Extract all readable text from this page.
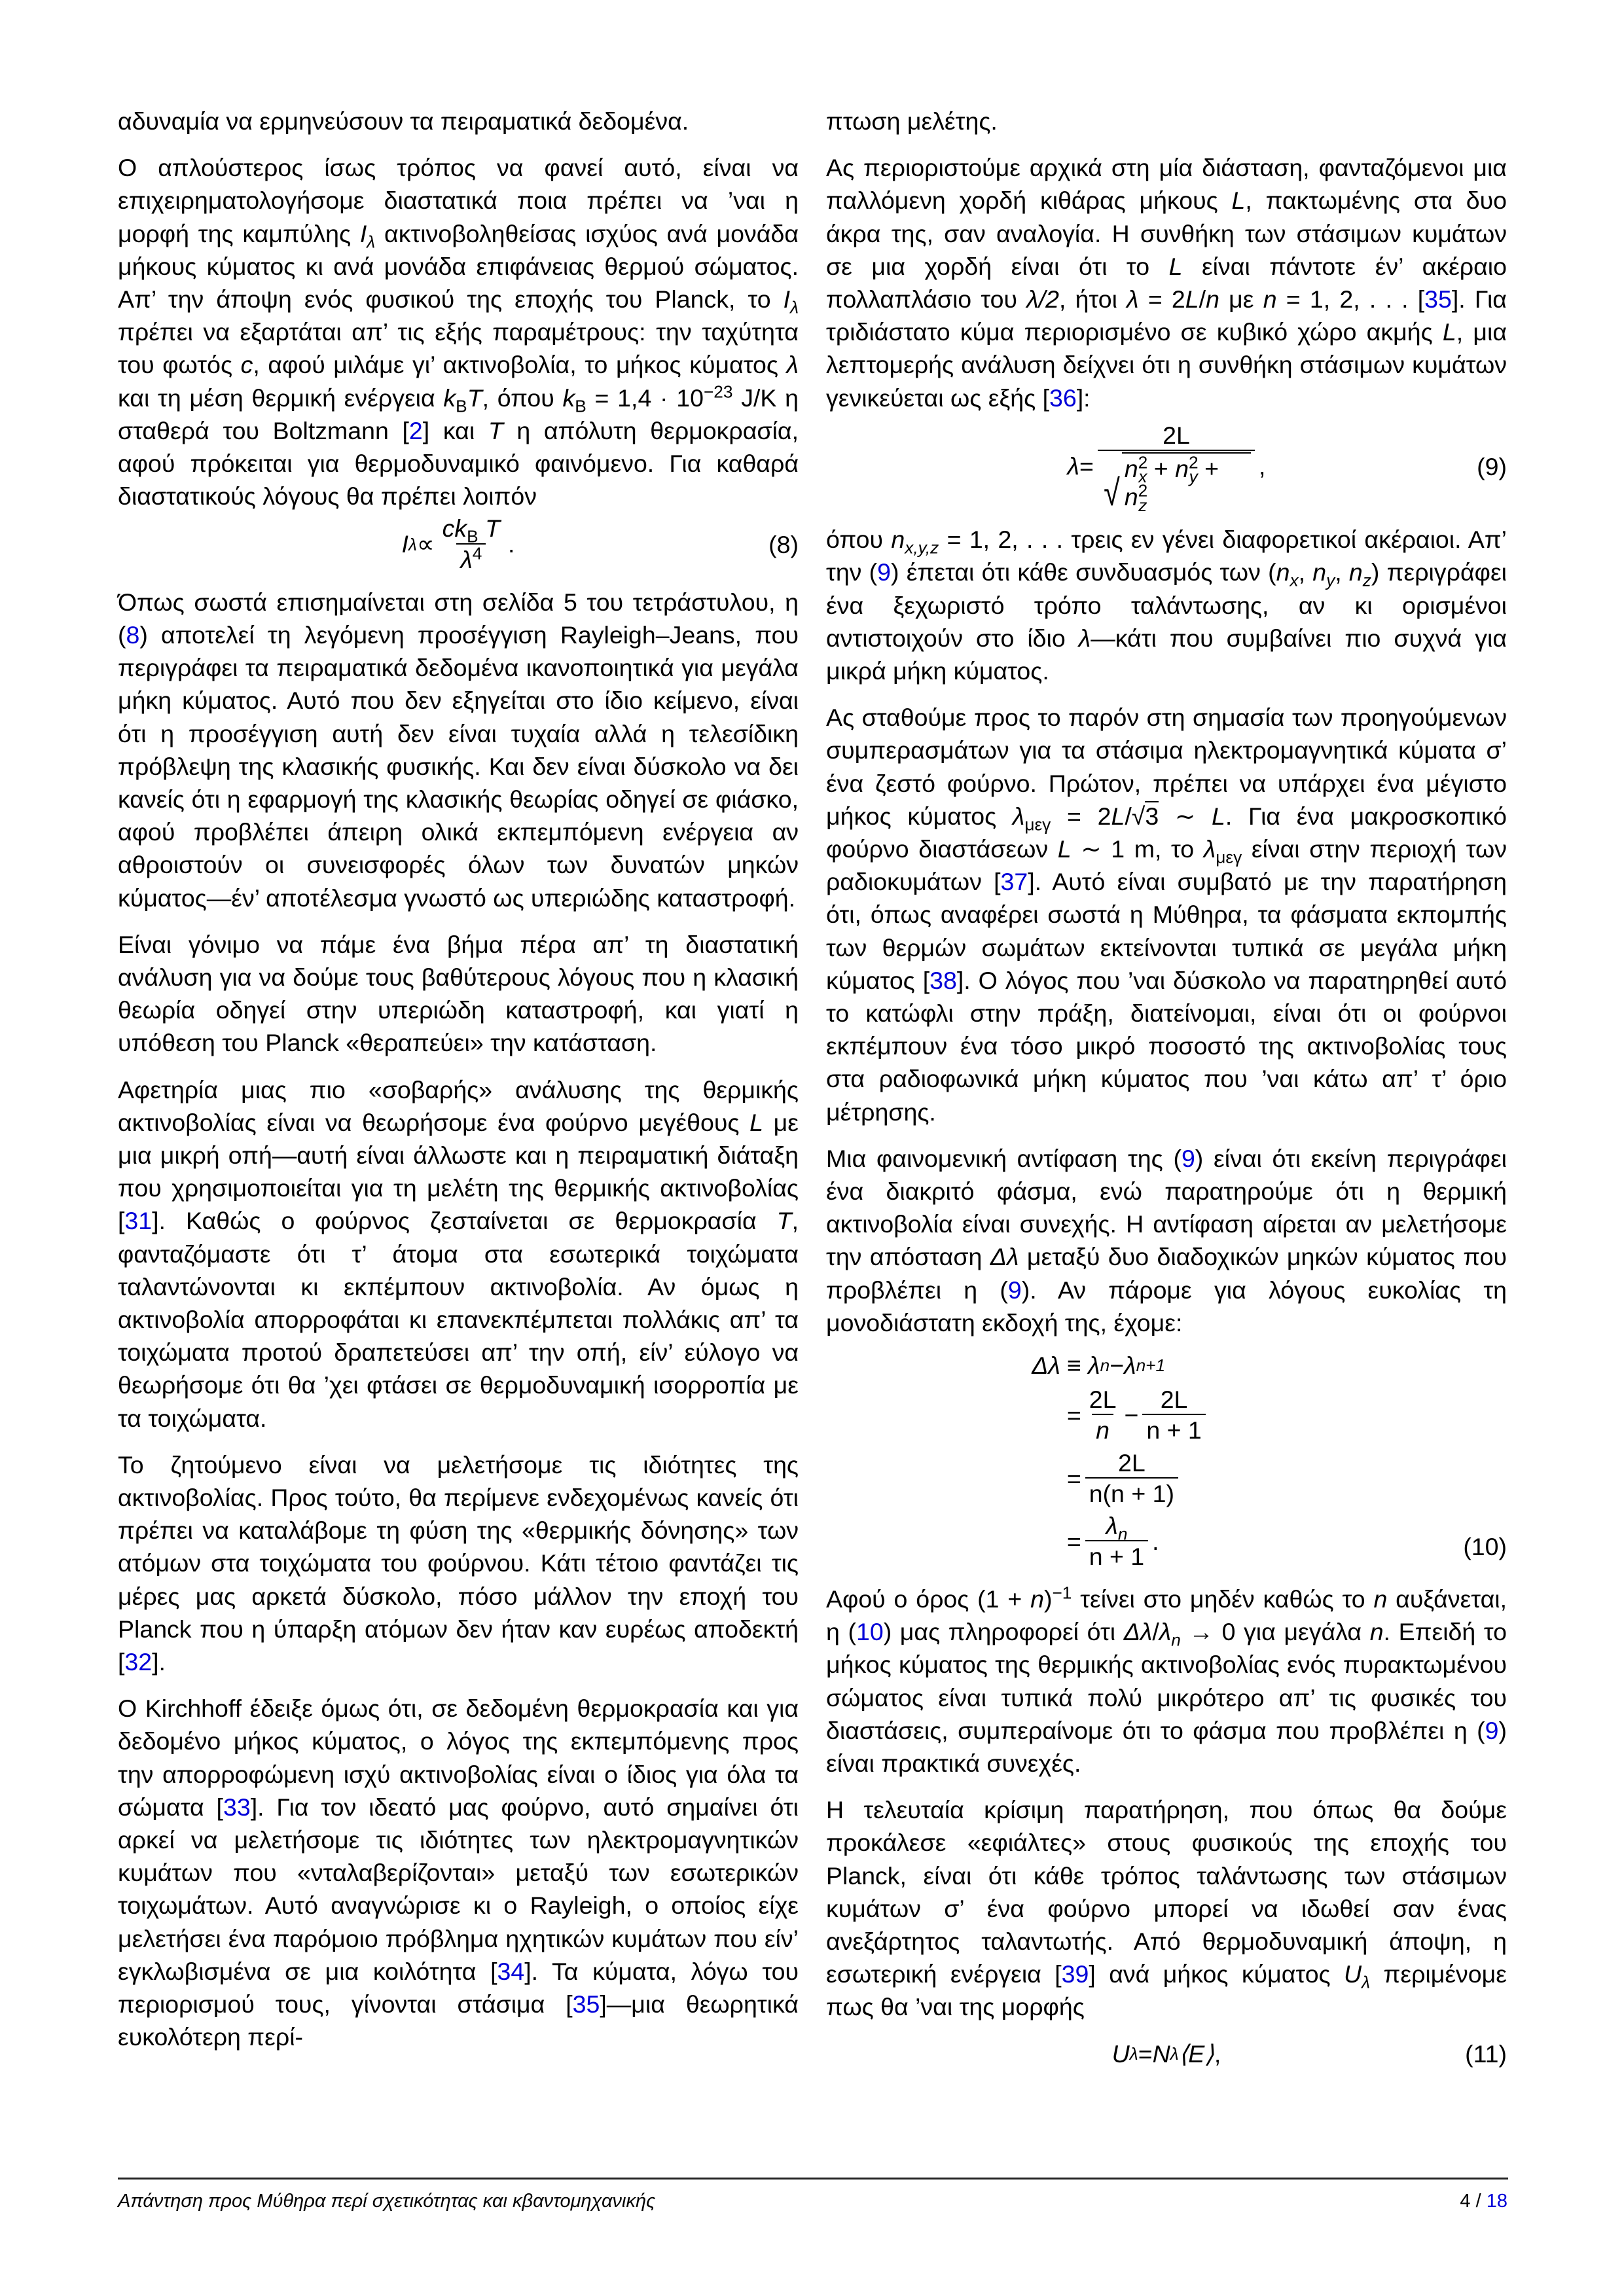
αδυναμία να ερμηνεύσουν τα πειραματικά δεδομένα.

Ο απλούστερος ίσως τρόπος να φανεί αυτό, είναι να επιχειρηματολογήσομε διαστατικά ποια πρέπει να ’ναι η μορφή της καμπύλης $I_\lambda$ ακτινοβοληθείσας ισχύος ανά μονάδα μήκους κύματος κι ανά μονάδα επιφάνειας θερμού σώματος. Απ’ την άποψη ενός φυσικού της εποχής του Planck, το $I_\lambda$ πρέπει να εξαρτάται απ’ τις εξής παραμέτρους: την ταχύτητα του φωτός c, αφού μιλάμε γι’ ακτινοβολία, το μήκος κύματος λ και τη μέση θερμική ενέργεια $k_BT$, όπου $k_B = 1,4 \cdot 10^{-23}$ J/K η σταθερά του Boltzmann [2] και T η απόλυτη θερμοκρασία, αφού πρόκειται για θερμοδυναμικό φαινόμενο. Για καθαρά διαστατικούς λόγους θα πρέπει λοιπόν

I $\lambda \propto \frac{ck_B T}{\lambda^4}$ .	(8)

Όπως σωστά επισημαίνεται στη σελίδα 5 του τετράστυλου, η (8) αποτελεί τη λεγόμενη προσέγγιση Rayleigh–Jeans, που περιγράφει τα πειραματικά δεδομένα ικανοποιητικά για μεγάλα μήκη κύματος. Αυτό που δεν εξηγείται στο ίδιο κείμενο, είναι ότι η προσέγγιση αυτή δεν είναι τυχαία αλλά η τελεσίδικη πρόβλεψη της κλασικής φυσικής. Και δεν είναι δύσκολο να δει κανείς ότι η εφαρμογή της κλασικής θεωρίας οδηγεί σε φιάσκο, αφού προβλέπει άπειρη ολικά εκπεμπόμενη ενέργεια αν αθροιστούν οι συνεισφορές όλων των δυνατών μηκών κύματος—έν’ αποτέλεσμα γνωστό ως υπεριώδης καταστροφή.

Είναι γόνιμο να πάμε ένα βήμα πέρα απ’ τη διαστατική ανάλυση για να δούμε τους βαθύτερους λόγους που η κλασική θεωρία οδηγεί στην υπεριώδη καταστροφή, και γιατί η υπόθεση του Planck «θεραπεύει» την κατάσταση.

Αφετηρία μιας πιο «σοβαρής» ανάλυσης της θερμικής ακτινοβολίας είναι να θεωρήσομε ένα φούρνο μεγέθους L με μια μικρή οπή—αυτή είναι άλλωστε και η πειραματική διάταξη που χρησιμοποιείται για τη μελέτη της θερμικής ακτινοβολίας [31]. Καθώς ο φούρνος ζεσταίνεται σε θερμοκρασία T, φανταζόμαστε ότι τ’ άτομα στα εσωτερικά τοιχώματα ταλαντώνονται κι εκπέμπουν ακτινοβολία. Αν όμως η ακτινοβολία απορροφάται κι επανεκπέμπεται πολλάκις απ’ τα τοιχώματα προτού δραπετεύσει απ’ την οπή, είν’ εύλογο να θεωρήσομε ότι θα ’χει φτάσει σε θερμοδυναμική ισορροπία με τα τοιχώματα.

Το ζητούμενο είναι να μελετήσομε τις ιδιότητες της ακτινοβολίας. Προς τούτο, θα περίμενε ενδεχομένως κανείς ότι πρέπει να καταλάβομε τη φύση της «θερμικής δόνησης» των ατόμων στα τοιχώματα του φούρνου. Κάτι τέτοιο φαντάζει τις μέρες μας αρκετά δύσκολο, πόσο μάλλον την εποχή του Planck που η ύπαρξη ατόμων δεν ήταν καν ευρέως αποδεκτή [32].

Ο Kirchhoff έδειξε όμως ότι, σε δεδομένη θερμοκρασία και για δεδομένο μήκος κύματος, ο λόγος της εκπεμπόμενης προς την απορροφώμενη ισχύ ακτινοβολίας είναι ο ίδιος για όλα τα σώματα [33]. Για τον ιδεατό μας φούρνο, αυτό σημαίνει ότι αρκεί να μελετήσομε τις ιδιότητες των ηλεκτρομαγνητικών κυμάτων που «νταλαβερίζονται» μεταξύ των εσωτερικών τοιχωμάτων. Αυτό αναγνώρισε κι ο Rayleigh, ο οποίος είχε μελετήσει ένα παρόμοιο πρόβλημα ηχητικών κυμάτων που είν’ εγκλωβισμένα σε μια κοιλότητα [34]. Τα κύματα, λόγω του περιορισμού τους, γίνονται στάσιμα [35]—μια θεωρητικά ευκολότερη περί-

πτωση μελέτης.

Ας περιοριστούμε αρχικά στη μία διάσταση, φανταζόμενοι μια παλλόμενη χορδή κιθάρας μήκους L, πακτωμένης στα δυο άκρα της, σαν αναλογία. Η συνθήκη των στάσιμων κυμάτων σε μια χορδή είναι ότι το L είναι πάντοτε έν’ ακέραιο πολλαπλάσιο του λ/2, ήτοι λ = 2L/n με n = 1, 2, . . . [35]. Για τριδιάστατο κύμα περιορισμένο σε κυβικό χώρο ακμής L, μια λεπτομερής ανάλυση δείχνει ότι η συνθήκη στάσιμων κυμάτων γενικεύεται ως εξής [36]:

λ = 2L
√
$n^2_x + n^2_y + n^2_z$ ,	(9)

όπου $n_{x,y,z} = 1$, 2, . . . τρεις εν γένει διαφορετικοί ακέραιοι. Απ’ την (9) έπεται ότι κάθε συνδυασμός των ($n_x$, $n_y$, $n_z$) περιγράφει ένα ξεχωριστό τρόπο ταλάντωσης, αν κι ορισμένοι αντιστοιχούν στο ίδιο λ—κάτι που συμβαίνει πιο συχνά για μικρά μήκη κύματος.

Ας σταθούμε προς το παρόν στη σημασία των προηγούμενων συμπερασμάτων για τα στάσιμα ηλεκτρομαγνητικά κύματα σ’ ένα ζεστό φούρνο. Πρώτον, πρέπει να υπάρχει ένα μέγιστο μήκος κύματος $\lambda_{\mu\varepsilon\gamma} = 2L/√3$ ∼ L. Για ένα μακροσκοπικό φούρνο διαστάσεων L ∼ 1 m, το $\lambda_{\mu\varepsilon\gamma}$ είναι στην περιοχή των ραδιοκυμάτων [37]. Αυτό είναι συμβατό με την παρατήρηση ότι, όπως αναφέρει σωστά η Μύθηρα, τα φάσματα εκπομπής των θερμών σωμάτων εκτείνονται τυπικά σε μεγάλα μήκη κύματος [38]. Ο λόγος που ’ναι δύσκολο να παρατηρηθεί αυτό το κατώφλι στην πράξη, διατείνομαι, είναι ότι οι φούρνοι εκπέμπουν ένα τόσο μικρό ποσοστό της ακτινοβολίας τους στα ραδιοφωνικά μήκη κύματος που ’ναι κάτω απ’ τ’ όριο μέτρησης.

Μια φαινομενική αντίφαση της (9) είναι ότι εκείνη περιγράφει ένα διακριτό φάσμα, ενώ παρατηρούμε ότι η θερμική ακτινοβολία είναι συνεχής. Η αντίφαση αίρεται αν μελετήσομε την απόσταση Δλ μεταξύ δυο διαδοχικών μηκών κύματος που προβλέπει η (9). Αν πάρομε για λόγους ευκολίας τη μονοδιάστατη εκδοχή της, έχομε:

Δλ ≡
λ n − λ n+1
= $\frac{2L}{n} - \frac{2L}{n + 1}$
= $\frac{2L}{n(n + 1)}$
= $\frac{\lambda_n}{n + 1}$ .	(10)

Αφού ο όρος $(1 + n)^{-1}$ τείνει στο μηδέν καθώς το n αυξάνεται, η (10) μας πληροφορεί ότι $\Delta\lambda/\lambda_n \to 0$ για μεγάλα n. Επειδή το μήκος κύματος της θερμικής ακτινοβολίας ενός πυρακτωμένου σώματος είναι τυπικά πολύ μικρότερο απ’ τις φυσικές του διαστάσεις, συμπεραίνομε ότι το φάσμα που προβλέπει η (9) είναι πρακτικά συνεχές.

Η τελευταία κρίσιμη παρατήρηση, που όπως θα δούμε προκάλεσε «εφιάλτες» στους φυσικούς της εποχής του Planck, είναι ότι κάθε τρόπος ταλάντωσης των στάσιμων κυμάτων σ’ ένα φούρνο μπορεί να ιδωθεί σαν ένας ανεξάρτητος ταλαντωτής. Από θερμοδυναμική άποψη, η εσωτερική ενέργεια [39] ανά μήκος κύματος $U_\lambda$ περιμένομε πως θα ’ναι της μορφής

U λ = N λ ⟨E⟩ ,	(11)
Απάντηση προς Μύθηρα περί σχετικότητας και κβαντομηχανικής	4 / 18
